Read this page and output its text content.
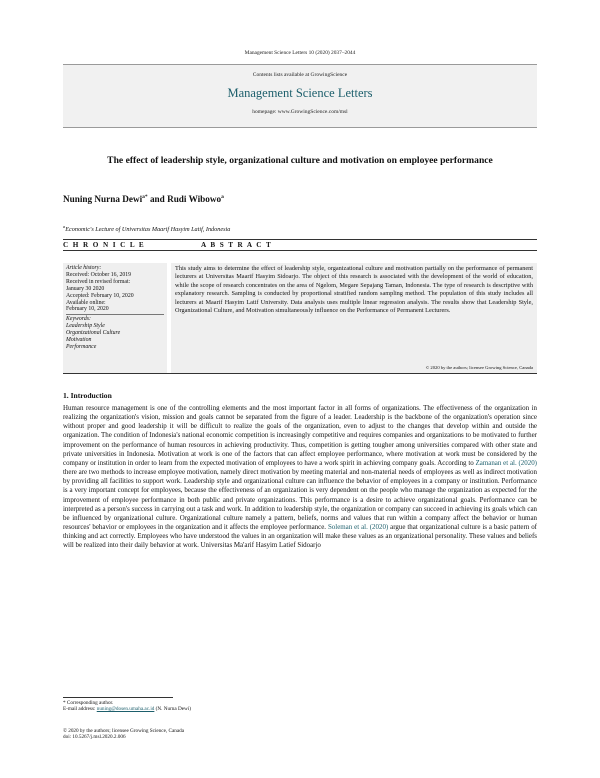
Management Science Letters 10 (2020) 2037–2044
Contents lists available at GrowingScience
Management Science Letters
homepage: www.GrowingScience.com/msl
The effect of leadership style, organizational culture and motivation on employee performance
Nuning Nurna Dewi$^{a*}$ and Rudi Wibowo$^a$
$^a$Economic's Lecture of Universitas Maarif Hasyim Latif, Indonesia
C H R O N I C L E	A B S T R A C T
Article history:
Received: October 16, 2019
Received in revised format:
January 30 2020
Accepted: February 10, 2020
Available online:
February 10, 2020
Keywords:
Leadership Style
Organizational Culture
Motivation
Performance
This study aims to determine the effect of leadership style, organizational culture and motivation partially on the performance of permanent lecturers at Universitas Maarif Hasyim Sidoarjo. The object of this research is associated with the development of the world of education, while the scope of research concentrates on the area of Ngelom, Megare Sepajang Taman, Indonesia. The type of research is descriptive with explanatory research. Sampling is conducted by proportional stratified random sampling method. The population of this study includes all lecturers at Maarif Hasyim Latif University. Data analysis uses multiple linear regression analysis. The results show that Leadership Style, Organizational Culture, and Motivation simultaneously influence on the Performance of Permanent Lecturers.
© 2020 by the authors; licensee Growing Science, Canada
1. Introduction
Human resource management is one of the controlling elements and the most important factor in all forms of organizations. The effectiveness of the organization in realizing the organization's vision, mission and goals cannot be separated from the figure of a leader. Leadership is the backbone of the organization's operation since without proper and good leadership it will be difficult to realize the goals of the organization, even to adjust to the changes that develop within and outside the organization. The condition of Indonesia's national economic competition is increasingly competitive and requires companies and organizations to be motivated to further improvement on the performance of human resources in achieving productivity. Thus, competition is getting tougher among universities compared with other state and private universities in Indonesia. Motivation at work is one of the factors that can affect employee performance, where motivation at work must be considered by the company or institution in order to learn from the expected motivation of employees to have a work spirit in achieving company goals. According to Zamanan et al. (2020) there are two methods to increase employee motivation, namely direct motivation by meeting material and non-material needs of employees as well as indirect motivation by providing all facilities to support work. Leadership style and organizational culture can influence the behavior of employees in a company or institution. Performance is a very important concept for employees, because the effectiveness of an organization is very dependent on the people who manage the organization as expected for the improvement of employee performance in both public and private organizations. This performance is a desire to achieve organizational goals. Performance can be interpreted as a person's success in carrying out a task and work. In addition to leadership style, the organization or company can succeed in achieving its goals which can be influenced by organizational culture. Organizational culture namely a pattern, beliefs, norms and values that run within a company affect the behavior or human resources' behavior or employees in the organization and it affects the employee performance. Soleman et al. (2020) argue that organizational culture is a basic pattern of thinking and act correctly. Employees who have understood the values in an organization will make these values as an organizational personality. These values and beliefs will be realized into their daily behavior at work. Universitas Ma'arif Hasyim Latief Sidoarjo
* Corresponding author.
E-mail address: nuning@dosen.umaha.ac.id (N. Nurna Dewi)
© 2020 by the authors; licensee Growing Science, Canada
doi: 10.5267/j.msl.2020.2.006
